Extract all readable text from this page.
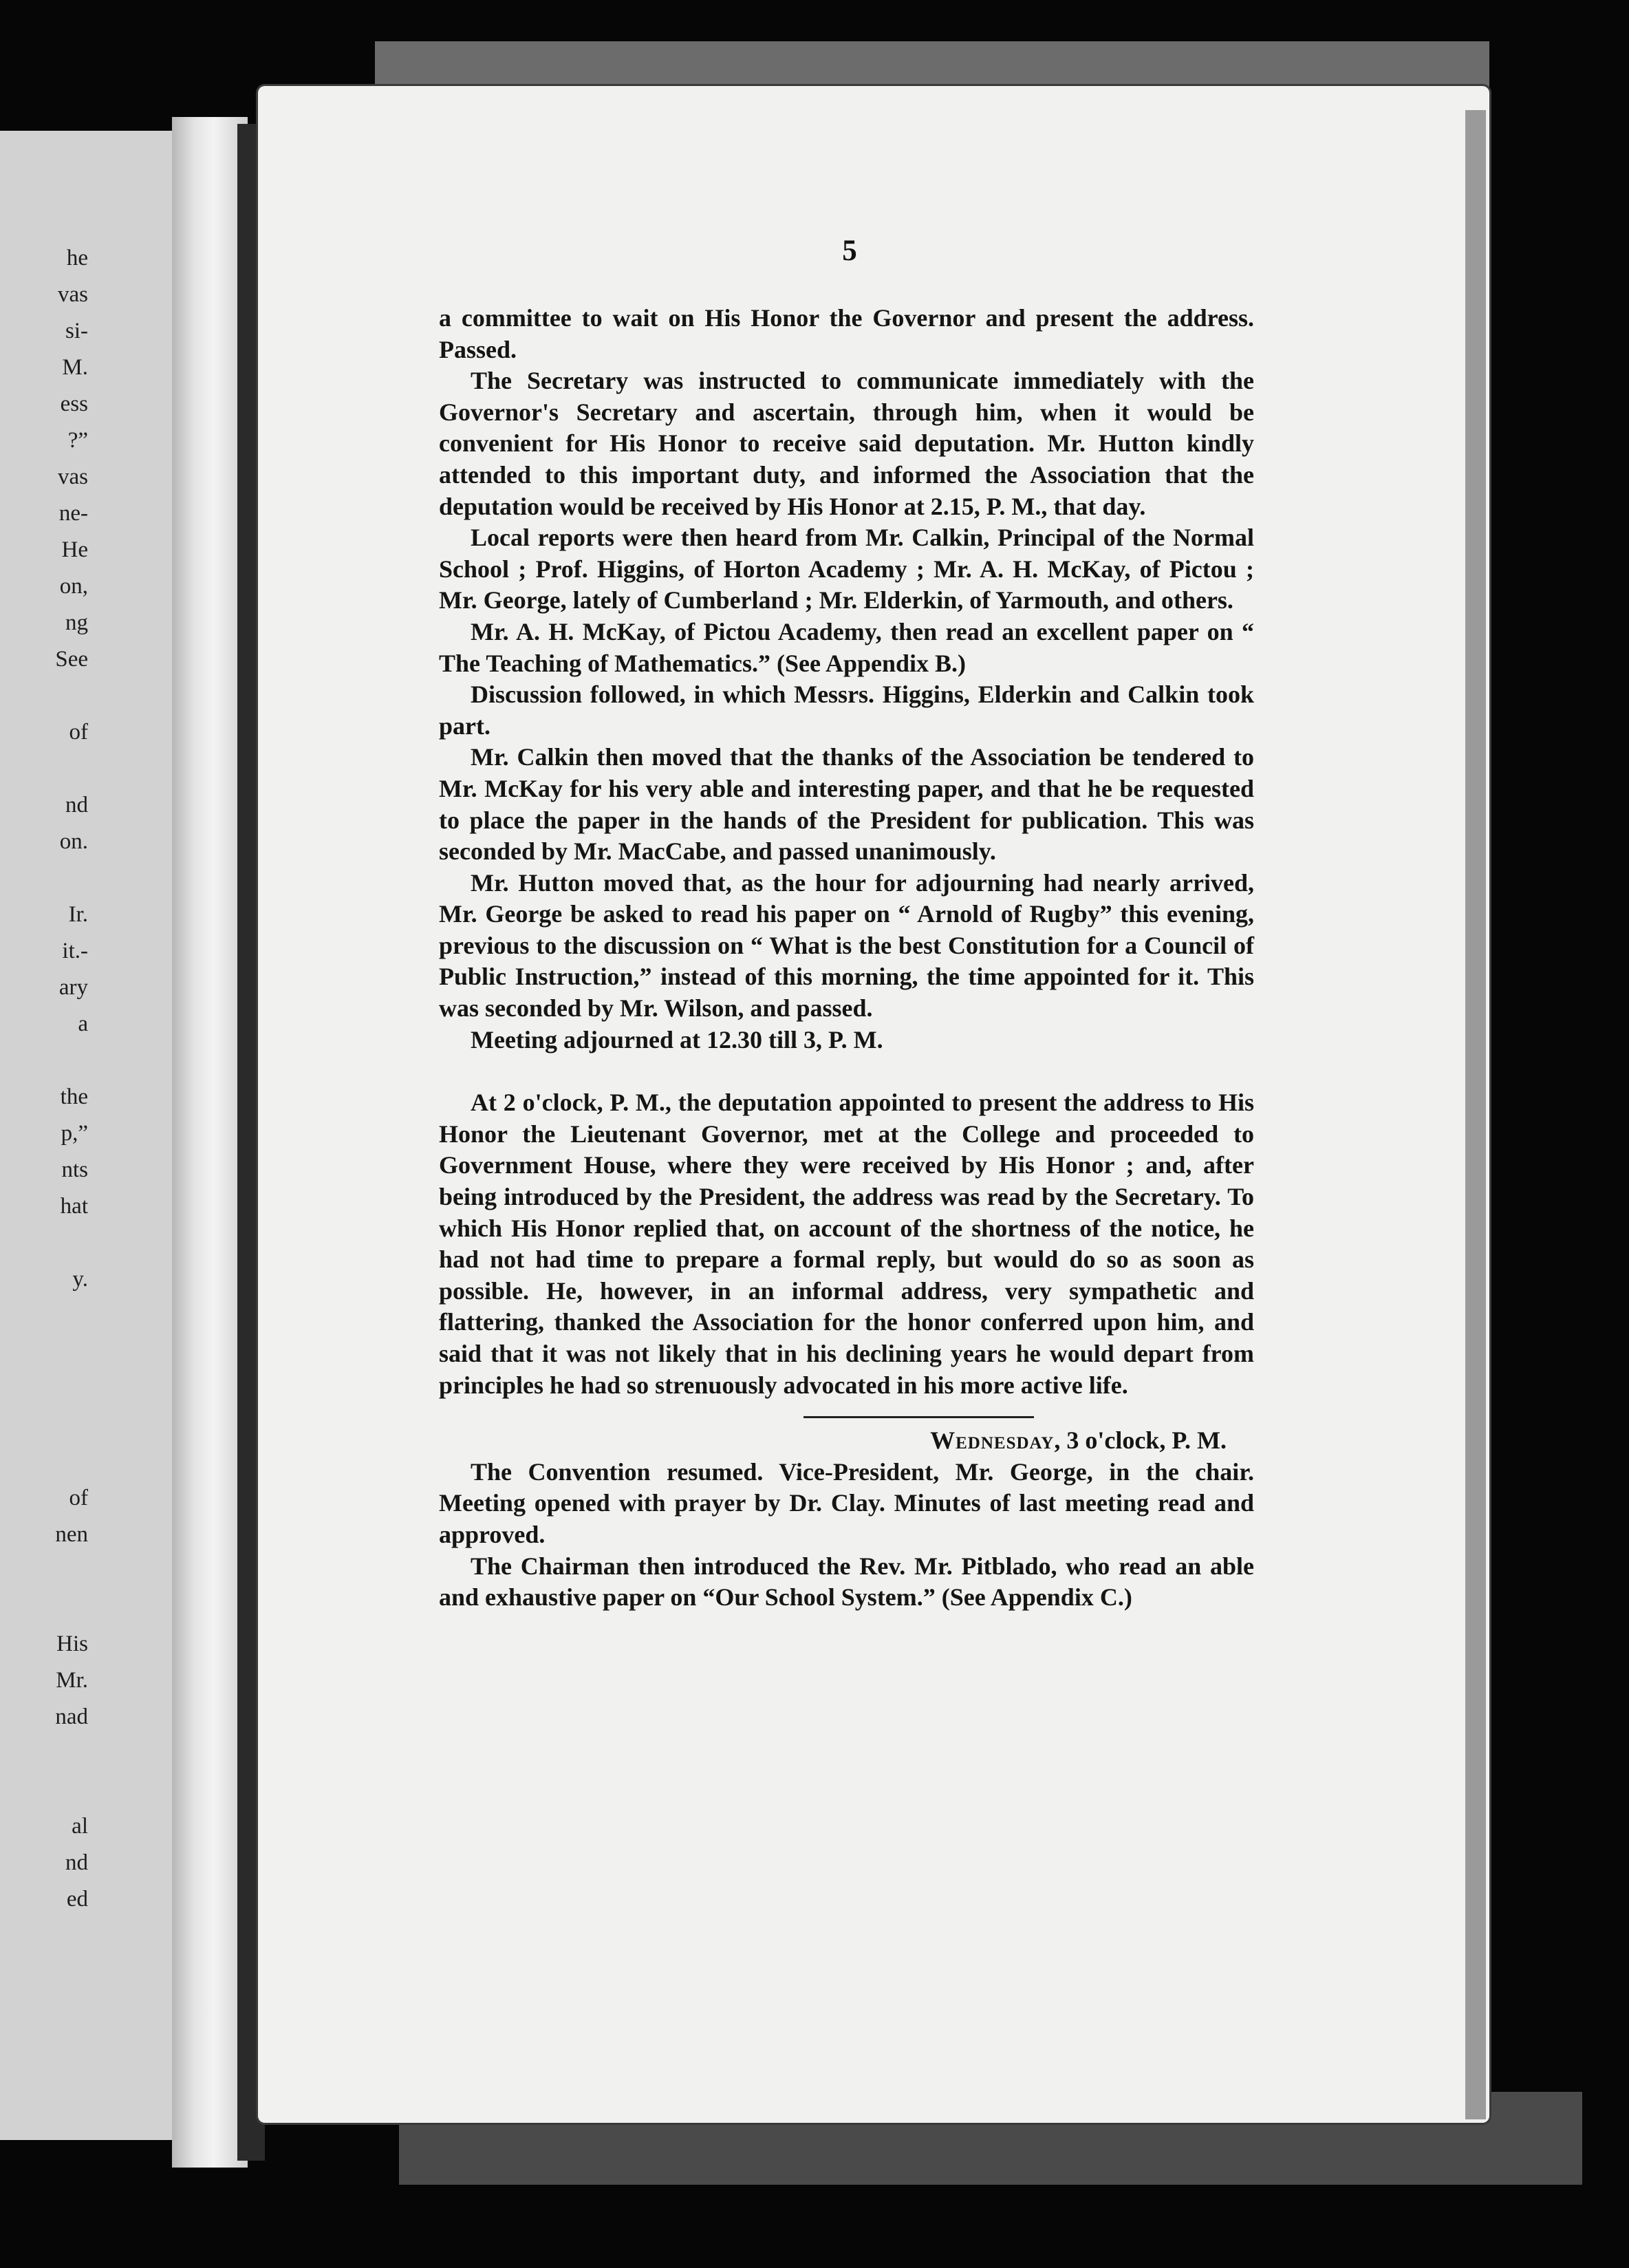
he
vas
si-
M.
ess
?”
vas
ne-
He
on,
ng
See

of

nd
on.

Ir.
it.-
ary
a

the
p,”
nts
hat

y.

of
nen

His
Mr.
nad

al
nd
ed
5

a committee to wait on His Honor the Governor and present the address. Passed.

The Secretary was instructed to communicate immediately with the Governor's Secretary and ascertain, through him, when it would be convenient for His Honor to receive said deputation. Mr. Hutton kindly attended to this important duty, and informed the Association that the deputation would be received by His Honor at 2.15, P. M., that day.

Local reports were then heard from Mr. Calkin, Principal of the Normal School ; Prof. Higgins, of Horton Academy ; Mr. A. H. McKay, of Pictou ; Mr. George, lately of Cumberland ; Mr. Elderkin, of Yarmouth, and others.

Mr. A. H. McKay, of Pictou Academy, then read an excellent paper on “ The Teaching of Mathematics.” (See Appendix B.)

Discussion followed, in which Messrs. Higgins, Elderkin and Calkin took part.

Mr. Calkin then moved that the thanks of the Association be tendered to Mr. McKay for his very able and interesting paper, and that he be requested to place the paper in the hands of the President for publication. This was seconded by Mr. MacCabe, and passed unanimously.

Mr. Hutton moved that, as the hour for adjourning had nearly arrived, Mr. George be asked to read his paper on “ Arnold of Rugby” this evening, previous to the discussion on “ What is the best Constitution for a Council of Public Instruction,” instead of this morning, the time appointed for it. This was seconded by Mr. Wilson, and passed.

Meeting adjourned at 12.30 till 3, P. M.

At 2 o'clock, P. M., the deputation appointed to present the address to His Honor the Lieutenant Governor, met at the College and proceeded to Government House, where they were received by His Honor ; and, after being introduced by the President, the address was read by the Secretary. To which His Honor replied that, on account of the shortness of the notice, he had not had time to prepare a formal reply, but would do so as soon as possible. He, however, in an informal address, very sympathetic and flattering, thanked the Association for the honor conferred upon him, and said that it was not likely that in his declining years he would depart from principles he had so strenuously advocated in his more active life.

Wednesday, 3 o'clock, P. M.

The Convention resumed. Vice-President, Mr. George, in the chair. Meeting opened with prayer by Dr. Clay. Minutes of last meeting read and approved.

The Chairman then introduced the Rev. Mr. Pitblado, who read an able and exhaustive paper on “Our School System.” (See Appendix C.)
